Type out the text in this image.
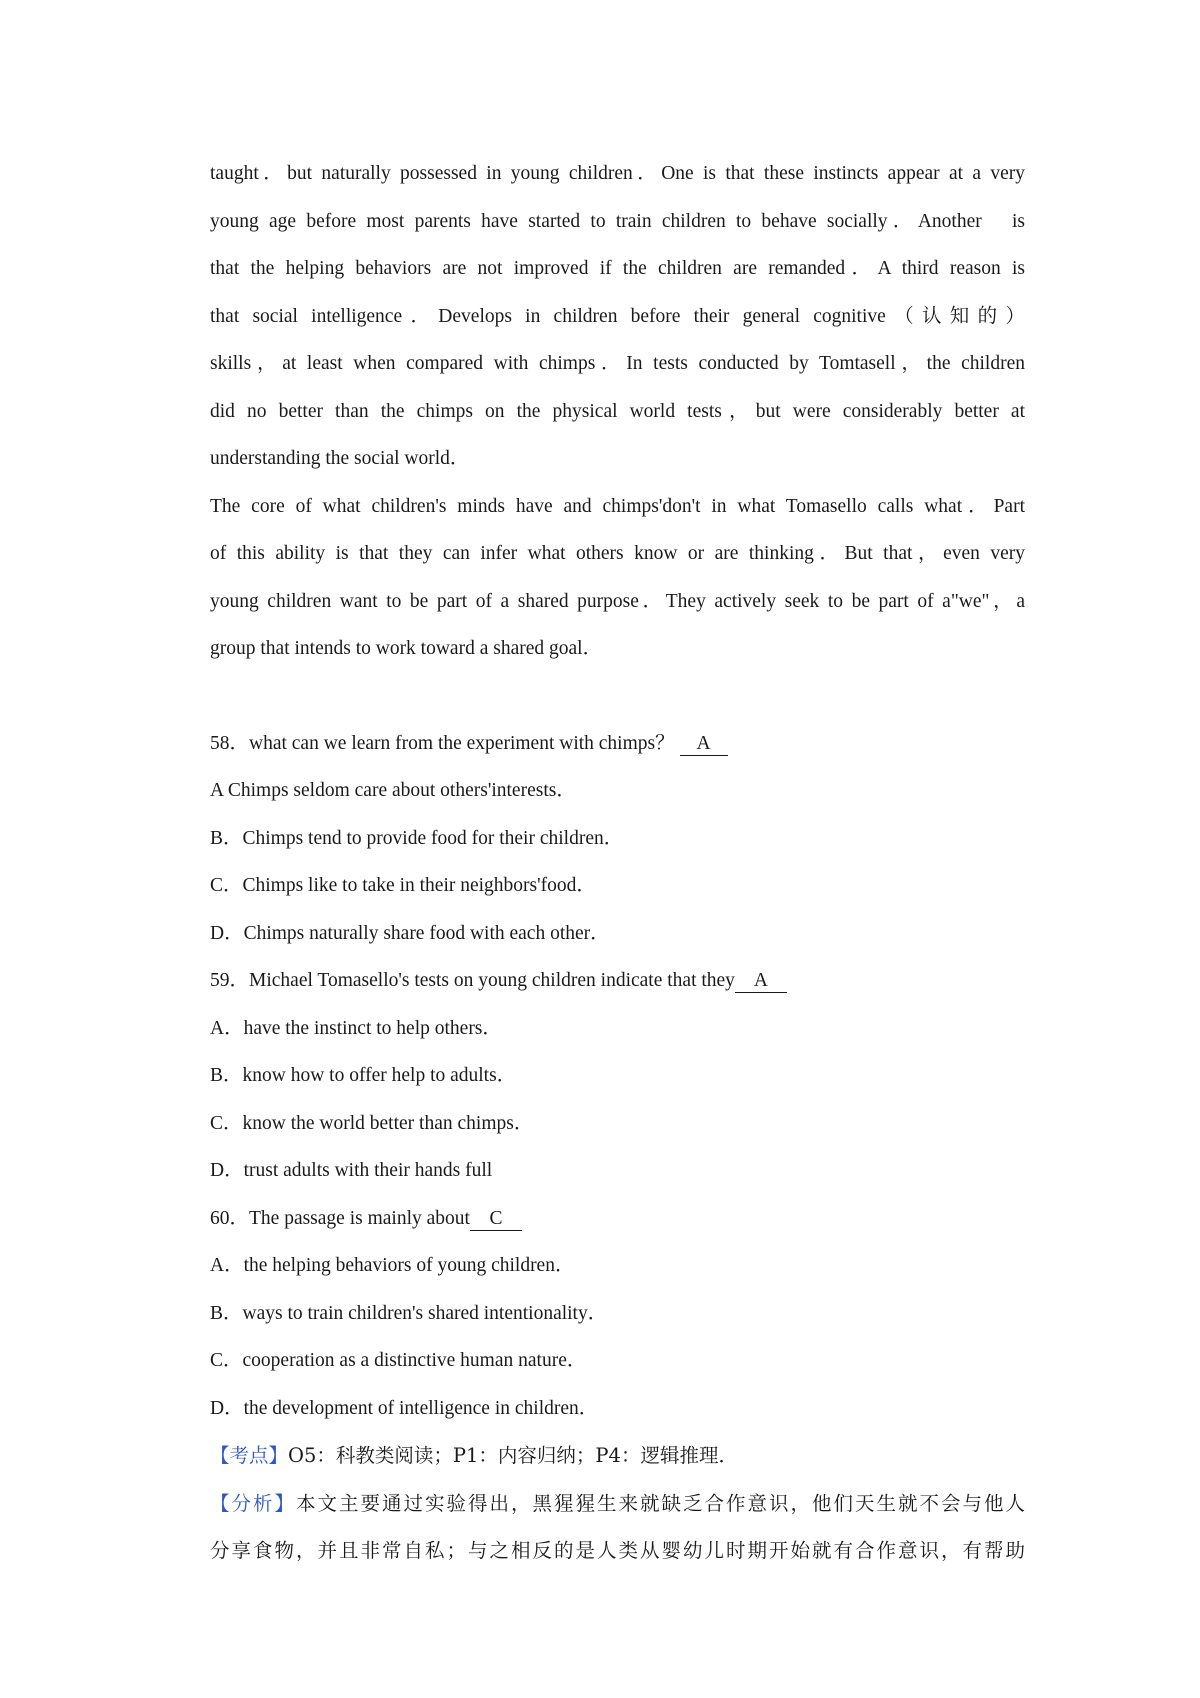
taught．but naturally possessed in young children．One is that these instincts appear at a very
young age before most parents have started to train children to behave socially．Another　is
that the helping behaviors are not improved if the children are remanded．A third reason is
that social intelligence．Develops in children before their general cognitive（认知的）
skills，at least when compared with chimps．In tests conducted by Tomtasell，the children
did no better than the chimps on the physical world tests，but were considerably better at
understanding the social world．
The core of what children's minds have and chimps'don't in what Tomasello calls what．Part
of this ability is that they can infer what others know or are thinking．But that，even very
young children want to be part of a shared purpose．They actively seek to be part of a"we"，a
group that intends to work toward a shared goal．
58．what can we learn from the experiment with chimps？ A
A Chimps seldom care about others'interests．
B．Chimps tend to provide food for their children．
C．Chimps like to take in their neighbors'food．
D．Chimps naturally share food with each other．
59．Michael Tomasello's tests on young children indicate that they A
A．have the instinct to help others．
B．know how to offer help to adults．
C．know the world better than chimps．
D．trust adults with their hands full
60．The passage is mainly about C
A．the helping behaviors of young children．
B．ways to train children's shared intentionality．
C．cooperation as a distinctive human nature．
D．the development of intelligence in children．
【考点】O5：科教类阅读；P1：内容归纳；P4：逻辑推理．
【分析】本文主要通过实验得出，黑猩猩生来就缺乏合作意识，他们天生就不会与他人
分享食物，并且非常自私；与之相反的是人类从婴幼儿时期开始就有合作意识，有帮助
